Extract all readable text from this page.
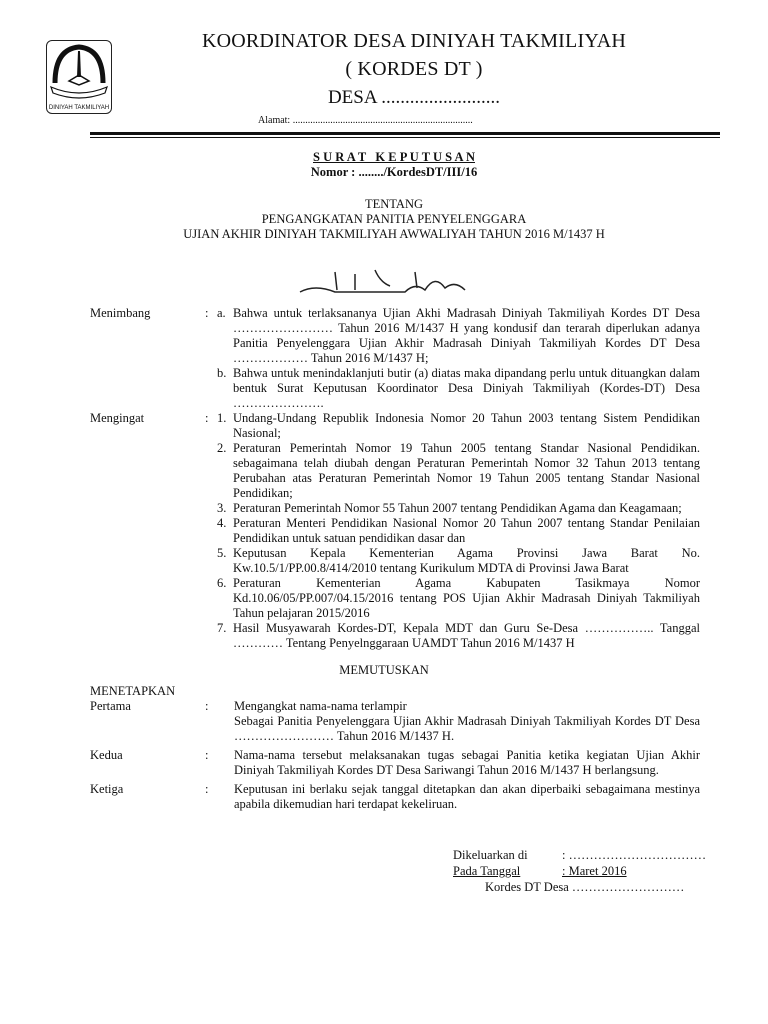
DINIYAH TAKMILIYAH
KOORDINATOR DESA DINIYAH TAKMILIYAH
( KORDES DT )
DESA .........................
Alamat: ........................................................................
S U R A T   K E P U T U S A N
Nomor : ......../KordesDT/III/16
TENTANG
PENGANGKATAN PANITIA PENYELENGGARA
UJIAN AKHIR DINIYAH TAKMILIYAH AWWALIYAH TAHUN 2016 M/1437 H
Menimbang	: a. Bahwa untuk terlaksananya Ujian Akhi Madrasah Diniyah Takmiliyah Kordes DT Desa …………………… Tahun 2016 M/1437 H yang kondusif dan terarah diperlukan adanya Panitia Penyelenggara Ujian Akhir Madrasah Diniyah Takmiliyah Kordes DT Desa ……………… Tahun 2016 M/1437 H;
b. Bahwa untuk menindaklanjuti butir (a) diatas maka dipandang perlu untuk dituangkan dalam bentuk Surat Keputusan Koordinator Desa Diniyah Takmiliyah (Kordes-DT) Desa ………………….
Mengingat	: 1. Undang-Undang Republik Indonesia Nomor 20 Tahun 2003 tentang Sistem Pendidikan Nasional;
2. Peraturan Pemerintah Nomor 19 Tahun 2005 tentang Standar Nasional Pendidikan. sebagaimana telah diubah dengan Peraturan Pemerintah Nomor 32 Tahun 2013 tentang Perubahan atas Peraturan Pemerintah Nomor 19 Tahun 2005 tentang Standar Nasional Pendidikan;
3. Peraturan Pemerintah Nomor 55 Tahun 2007 tentang Pendidikan Agama dan Keagamaan;
4. Peraturan Menteri Pendidikan Nasional Nomor 20 Tahun 2007 tentang Standar Penilaian Pendidikan untuk satuan pendidikan dasar dan
5. Keputusan Kepala Kementerian Agama Provinsi Jawa Barat No. Kw.10.5/1/PP.00.8/414/2010 tentang Kurikulum MDTA di Provinsi Jawa Barat
6. Peraturan Kementerian Agama Kabupaten Tasikmaya Nomor Kd.10.06/05/PP.007/04.15/2016 tentang POS Ujian Akhir Madrasah Diniyah Takmiliyah Tahun pelajaran 2015/2016
7. Hasil Musyawarah Kordes-DT, Kepala MDT dan Guru Se-Desa …………….. Tanggal ………… Tentang Penyelnggaraan UAMDT Tahun 2016 M/1437 H
MEMUTUSKAN
MENETAPKAN
Pertama	:	Mengangkat nama-nama terlampir
Sebagai Panitia Penyelenggara Ujian Akhir Madrasah Diniyah Takmiliyah Kordes DT Desa …………………… Tahun 2016 M/1437 H.
Kedua	:	Nama-nama tersebut melaksanakan tugas sebagai Panitia ketika kegiatan Ujian Akhir Diniyah Takmiliyah Kordes DT Desa Sariwangi Tahun 2016 M/1437 H berlangsung.
Ketiga	:	Keputusan ini berlaku sejak tanggal ditetapkan dan akan diperbaiki sebagaimana mestinya apabila dikemudian hari terdapat kekeliruan.
Dikeluarkan di	: ……………………………
Pada Tanggal	: Maret 2016
Kordes DT Desa ………………………
